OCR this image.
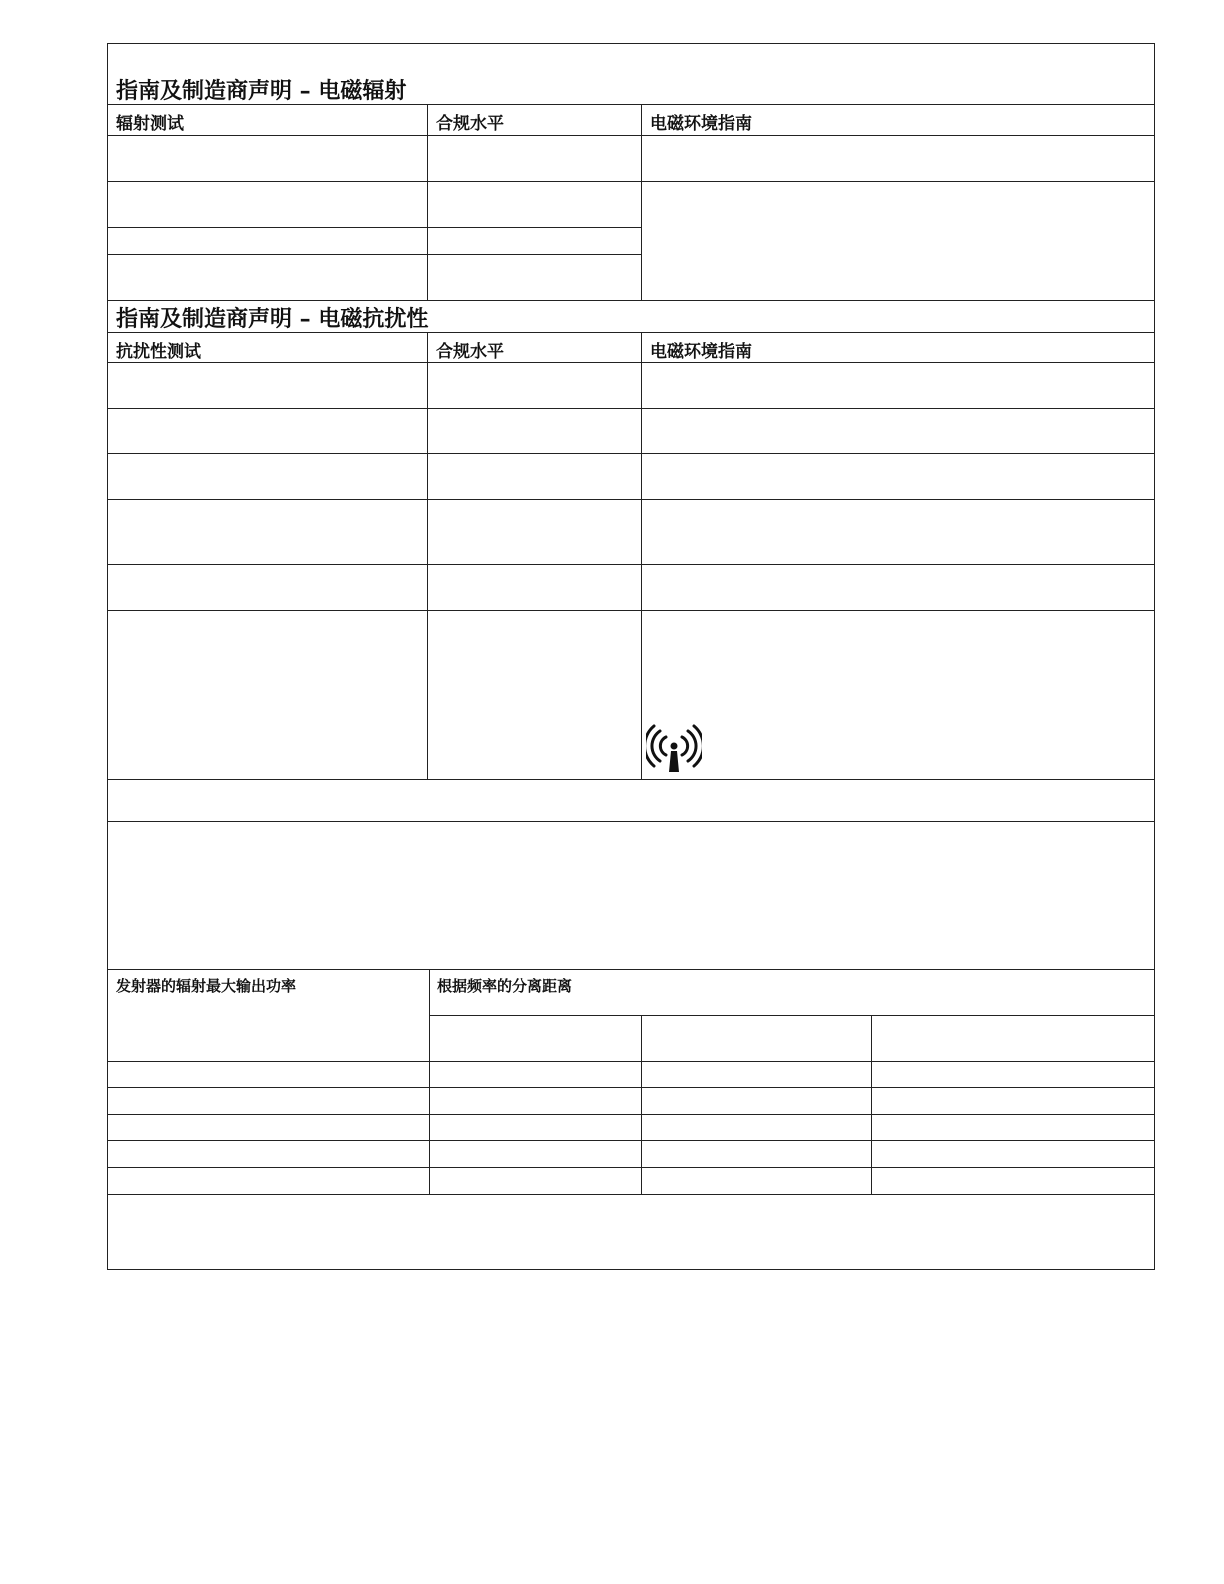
指南及制造商声明 – 电磁辐射
辐射测试	合规水平	电磁环境指南
指南及制造商声明 – 电磁抗扰性
抗扰性测试	合规水平	电磁环境指南
发射器的辐射最大输出功率	根据频率的分离距离
